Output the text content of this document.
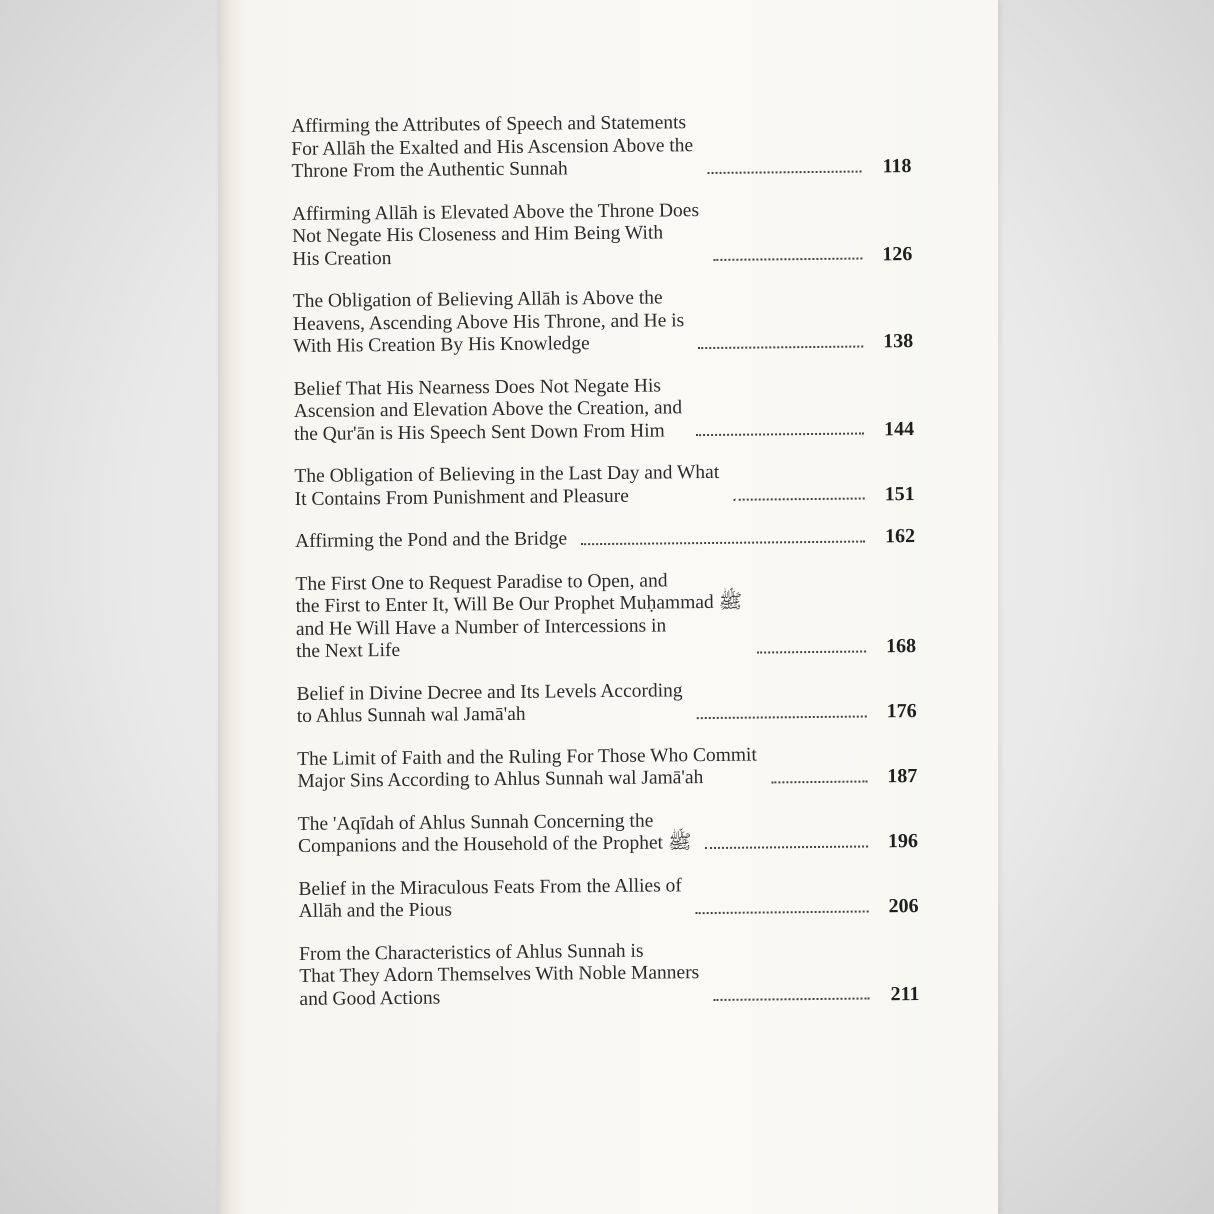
Affirming the Attributes of Speech and Statements
For Allāh the Exalted and His Ascension Above the
Throne From the Authentic Sunnah	118
Affirming Allāh is Elevated Above the Throne Does
Not Negate His Closeness and Him Being With
His Creation	126
The Obligation of Believing Allāh is Above the
Heavens, Ascending Above His Throne, and He is
With His Creation By His Knowledge	138
Belief That His Nearness Does Not Negate His
Ascension and Elevation Above the Creation, and
the Qur'ān is His Speech Sent Down From Him	144
The Obligation of Believing in the Last Day and What
It Contains From Punishment and Pleasure	151
Affirming the Pond and the Bridge	162
The First One to Request Paradise to Open, and
the First to Enter It, Will Be Our Prophet Muḥammad ﷺ
and He Will Have a Number of Intercessions in
the Next Life	168
Belief in Divine Decree and Its Levels According
to Ahlus Sunnah wal Jamā'ah	176
The Limit of Faith and the Ruling For Those Who Commit
Major Sins According to Ahlus Sunnah wal Jamā'ah	187
The 'Aqīdah of Ahlus Sunnah Concerning the
Companions and the Household of the Prophet ﷺ	196
Belief in the Miraculous Feats From the Allies of
Allāh and the Pious	206
From the Characteristics of Ahlus Sunnah is
That They Adorn Themselves With Noble Manners
and Good Actions	211
